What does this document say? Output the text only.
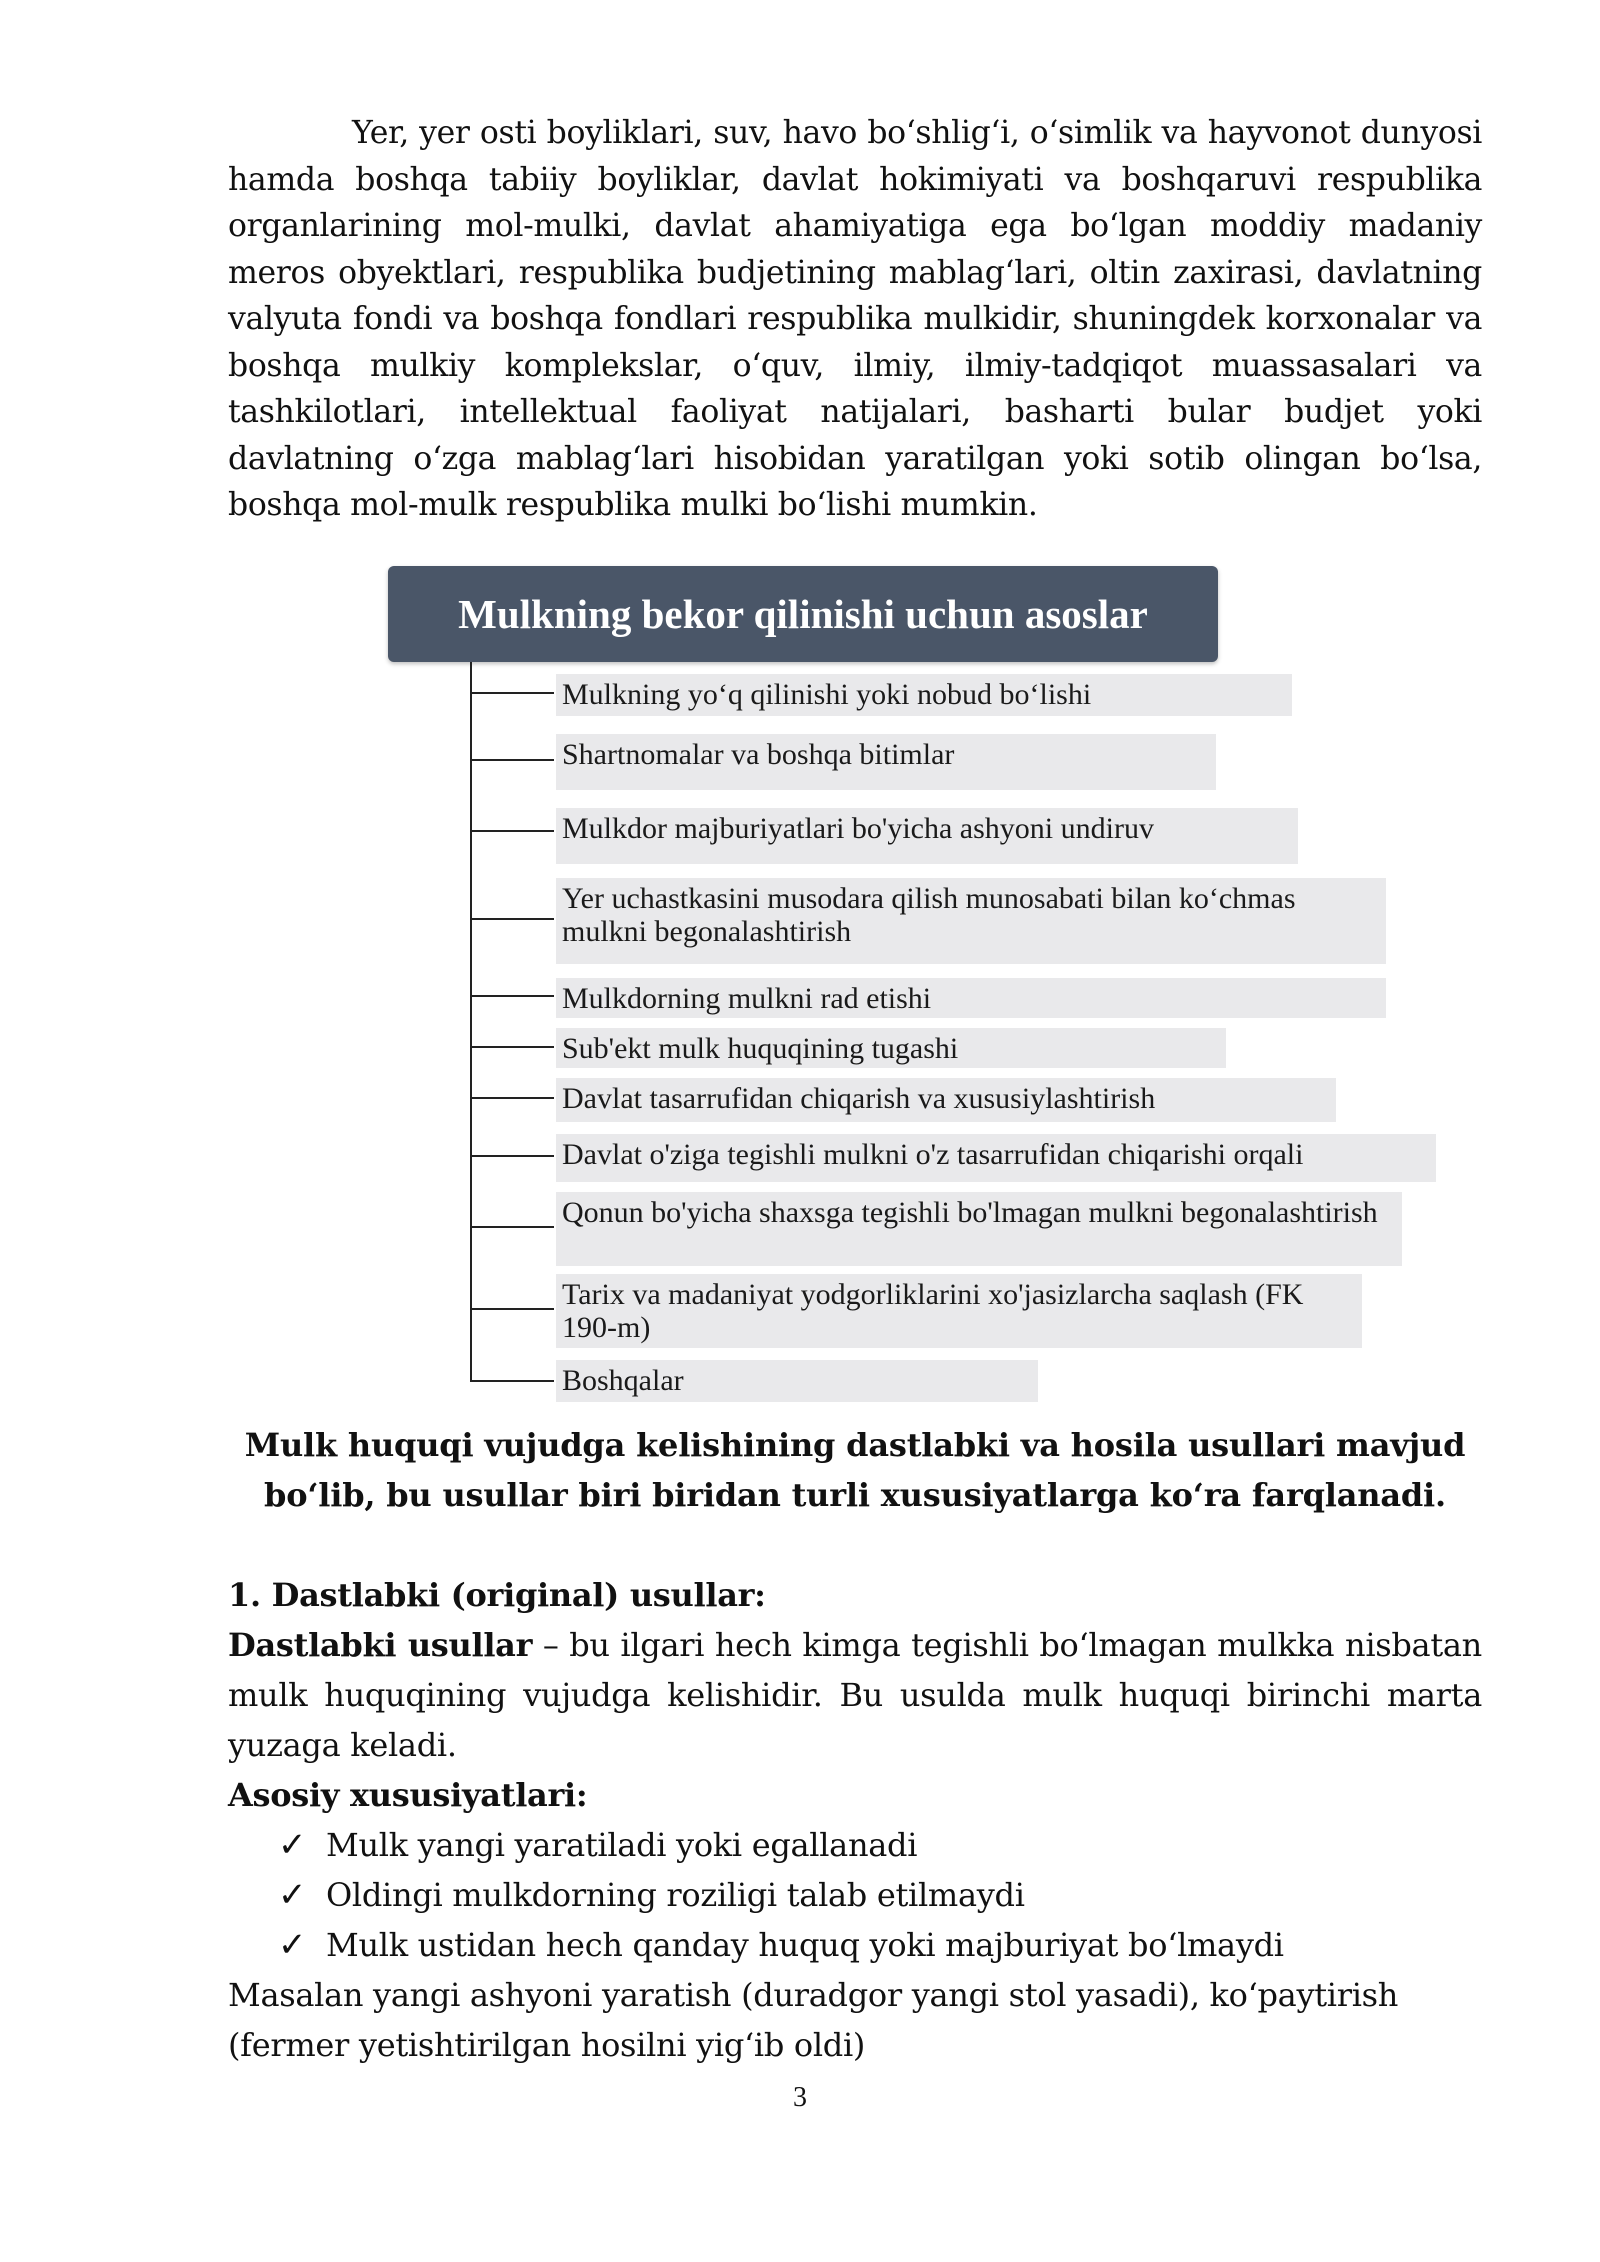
Yer, yer osti boyliklari, suv, havo bo‘shlig‘i, o‘simlik va hayvonot dunyosi hamda boshqa tabiiy boyliklar, davlat hokimiyati va boshqaruvi respublika organlarining mol-mulki, davlat ahamiyatiga ega bo‘lgan moddiy madaniy meros obyektlari, respublika budjetining mablag‘lari, oltin zaxirasi, davlatning valyuta fondi va boshqa fondlari respublika mulkidir, shuningdek korxonalar va boshqa mulkiy komplekslar, o‘quv, ilmiy, ilmiy-tadqiqot muassasalari va tashkilotlari, intellektual faoliyat natijalari, basharti bular budjet yoki davlatning o‘zga mablag‘lari hisobidan yaratilgan yoki sotib olingan bo‘lsa, boshqa mol-mulk respublika mulki bo‘lishi mumkin.

Mulkning bekor qilinishi uchun asoslar
Mulkning yo‘q qilinishi yoki nobud bo‘lishi
Shartnomalar va boshqa bitimlar
Mulkdor majburiyatlari bo'yicha ashyoni undiruv
Yer uchastkasini musodara qilish munosabati bilan ko‘chmas mulkni begonalashtirish
Mulkdorning mulkni rad etishi
Sub'ekt mulk huquqining tugashi
Davlat tasarrufidan chiqarish va xususiylashtirish
Davlat o'ziga tegishli mulkni o'z tasarrufidan chiqarishi orqali
Qonun bo'yicha shaxsga tegishli bo'lmagan mulkni begonalashtirish
Tarix va madaniyat yodgorliklarini xo'jasizlarcha saqlash (FK 190-m)
Boshqalar

Mulk huquqi vujudga kelishining dastlabki va hosila usullari mavjud bo‘lib, bu usullar biri biridan turli xususiyatlarga ko‘ra farqlanadi.

1. Dastlabki (original) usullar:
Dastlabki usullar – bu ilgari hech kimga tegishli bo‘lmagan mulkka nisbatan mulk huquqining vujudga kelishidir. Bu usulda mulk huquqi birinchi marta yuzaga keladi.
Asosiy xususiyatlari:
✓ Mulk yangi yaratiladi yoki egallanadi
✓ Oldingi mulkdorning roziligi talab etilmaydi
✓ Mulk ustidan hech qanday huquq yoki majburiyat bo‘lmaydi
Masalan yangi ashyoni yaratish (duradgor yangi stol yasadi), ko‘paytirish (fermer yetishtirilgan hosilni yig‘ib oldi)
3
